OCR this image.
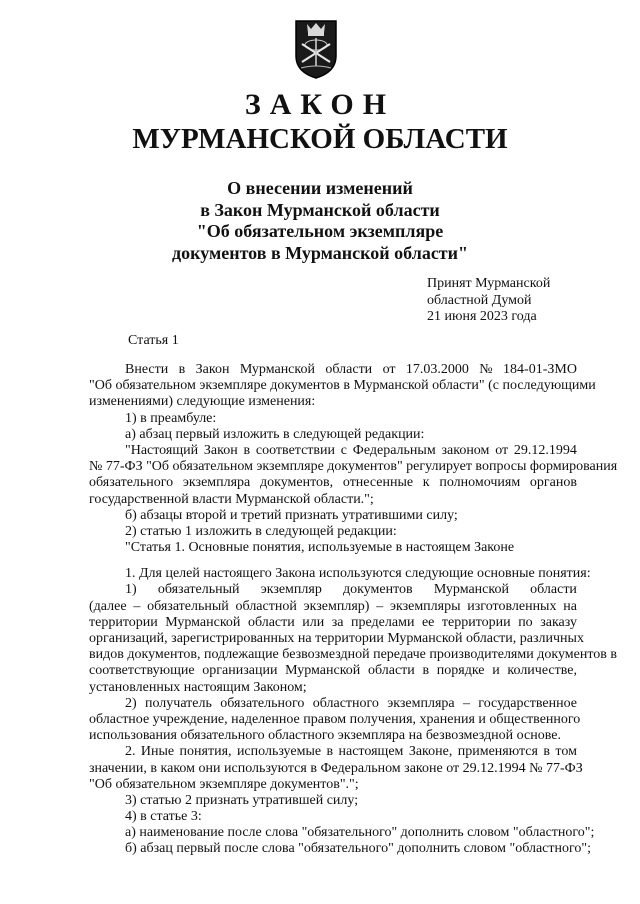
ЗАКОН
МУРМАНСКОЙ ОБЛАСТИ
О внесении изменений
в Закон Мурманской области
"Об обязательном экземпляре
документов в Мурманской области"
Принят Мурманской
областной Думой
21 июня 2023 года
Статья 1
Внести в Закон Мурманской области от 17.03.2000 № 184-01-ЗМО
"Об обязательном экземпляре документов в Мурманской области" (с последующими
изменениями) следующие изменения:
1) в преамбуле:
а) абзац первый изложить в следующей редакции:
"Настоящий Закон в соответствии с Федеральным законом от 29.12.1994
№ 77-ФЗ "Об обязательном экземпляре документов" регулирует вопросы формирования
обязательного экземпляра документов, отнесенные к полномочиям органов
государственной власти Мурманской области.";
б) абзацы второй и третий признать утратившими силу;
2) статью 1 изложить в следующей редакции:
"Статья 1. Основные понятия, используемые в настоящем Законе
1. Для целей настоящего Закона используются следующие основные понятия:
1) обязательный экземпляр документов Мурманской области
(далее – обязательный областной экземпляр) – экземпляры изготовленных на
территории Мурманской области или за пределами ее территории по заказу
организаций, зарегистрированных на территории Мурманской области, различных
видов документов, подлежащие безвозмездной передаче производителями документов в
соответствующие организации Мурманской области в порядке и количестве,
установленных настоящим Законом;
2) получатель обязательного областного экземпляра – государственное
областное учреждение, наделенное правом получения, хранения и общественного
использования обязательного областного экземпляра на безвозмездной основе.
2. Иные понятия, используемые в настоящем Законе, применяются в том
значении, в каком они используются в Федеральном законе от 29.12.1994 № 77-ФЗ
"Об обязательном экземпляре документов".";
3) статью 2 признать утратившей силу;
4) в статье 3:
а) наименование после слова "обязательного" дополнить словом "областного";
б) абзац первый после слова "обязательного" дополнить словом "областного";
